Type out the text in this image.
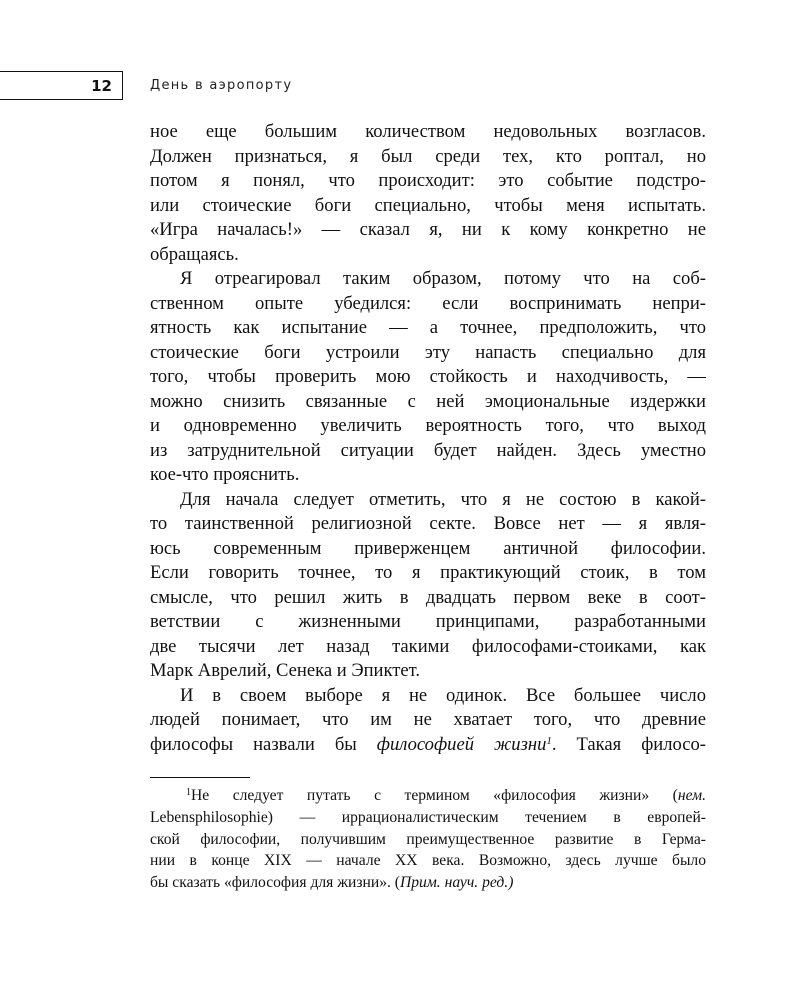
12	День в аэропорту
ное еще большим количеством недовольных возгласов.
Должен признаться, я был среди тех, кто роптал, но
потом я понял, что происходит: это событие подстро-
или стоические боги специально, чтобы меня испытать.
«Игра началась!» — сказал я, ни к кому конкретно не
обращаясь.
Я отреагировал таким образом, потому что на соб-
ственном опыте убедился: если воспринимать непри-
ятность как испытание — а точнее, предположить, что
стоические боги устроили эту напасть специально для
того, чтобы проверить мою стойкость и находчивость, —
можно снизить связанные с ней эмоциональные издержки
и одновременно увеличить вероятность того, что выход
из затруднительной ситуации будет найден. Здесь уместно
кое-что прояснить.
Для начала следует отметить, что я не состою в какой-
то таинственной религиозной секте. Вовсе нет — я явля-
юсь современным приверженцем античной философии.
Если говорить точнее, то я практикующий стоик, в том
смысле, что решил жить в двадцать первом веке в соот-
ветствии с жизненными принципами, разработанными
две тысячи лет назад такими философами-стоиками, как
Марк Аврелий, Сенека и Эпиктет.
И в своем выборе я не одинок. Все большее число
людей понимает, что им не хватает того, что древние
философы назвали бы философией жизни$^1$. Такая филосо-
$^1$Не следует путать с термином «философия жизни» (нем.
Lebensphilosophie) — иррационалистическим течением в европей-
ской философии, получившим преимущественное развитие в Герма-
нии в конце XIX — начале XX века. Возможно, здесь лучше было
бы сказать «философия для жизни». (Прим. науч. ред.)
